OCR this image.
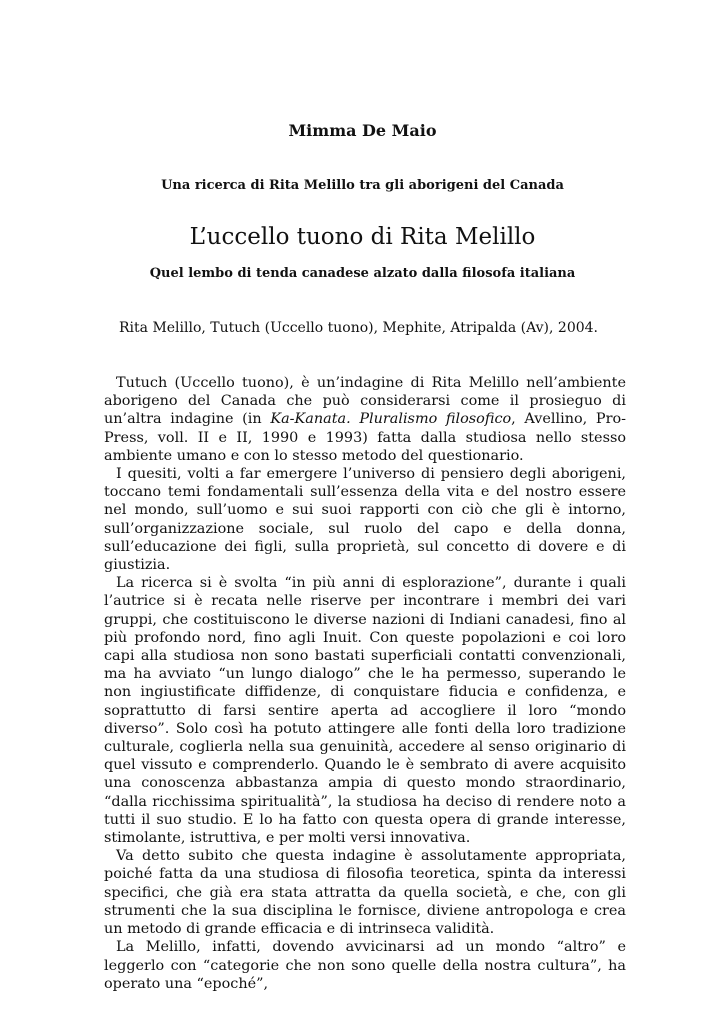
Mimma De Maio
Una ricerca di Rita Melillo tra gli aborigeni del Canada
L’uccello tuono di Rita Melillo
Quel lembo di tenda canadese alzato dalla filosofa italiana
Rita Melillo, Tutuch (Uccello tuono), Mephite, Atripalda (Av), 2004.

Tutuch (Uccello tuono), è un’indagine di Rita Melillo nell’ambiente aborigeno del Canada che può considerarsi come il prosieguo di un’altra indagine (in Ka-Kanata. Pluralismo filosofico, Avellino, Pro-Press, voll. II e II, 1990 e 1993) fatta dalla studiosa nello stesso ambiente umano e con lo stesso metodo del questionario.

I quesiti, volti a far emergere l’universo di pensiero degli aborigeni, toccano temi fondamentali sull’essenza della vita e del nostro essere nel mondo, sull’uomo e sui suoi rapporti con ciò che gli è intorno, sull’organizzazione sociale, sul ruolo del capo e della donna, sull’educazione dei figli, sulla proprietà, sul concetto di dovere e di giustizia.

La ricerca si è svolta “in più anni di esplorazione”, durante i quali l’autrice si è recata nelle riserve per incontrare i membri dei vari gruppi, che costituiscono le diverse nazioni di Indiani canadesi, fino al più profondo nord, fino agli Inuit. Con queste popolazioni e coi loro capi alla studiosa non sono bastati superficiali contatti convenzionali, ma ha avviato “un lungo dialogo” che le ha permesso, superando le non ingiustificate diffidenze, di conquistare fiducia e confidenza, e soprattutto di farsi sentire aperta ad accogliere il loro “mondo diverso”. Solo così ha potuto attingere alle fonti della loro tradizione culturale, coglierla nella sua genuinità, accedere al senso originario di quel vissuto e comprenderlo. Quando le è sembrato di avere acquisito una conoscenza abbastanza ampia di questo mondo straordinario, “dalla ricchissima spiritualità”, la studiosa ha deciso di rendere noto a tutti il suo studio. E lo ha fatto con questa opera di grande interesse, stimolante, istruttiva, e per molti versi innovativa.

Va detto subito che questa indagine è assolutamente appropriata, poiché fatta da una studiosa di filosofia teoretica, spinta da interessi specifici, che già era stata attratta da quella società, e che, con gli strumenti che la sua disciplina le fornisce, diviene antropologa e crea un metodo di grande efficacia e di intrinseca validità.

La Melillo, infatti, dovendo avvicinarsi ad un mondo “altro” e leggerlo con “categorie che non sono quelle della nostra cultura”, ha operato una “epoché”,
